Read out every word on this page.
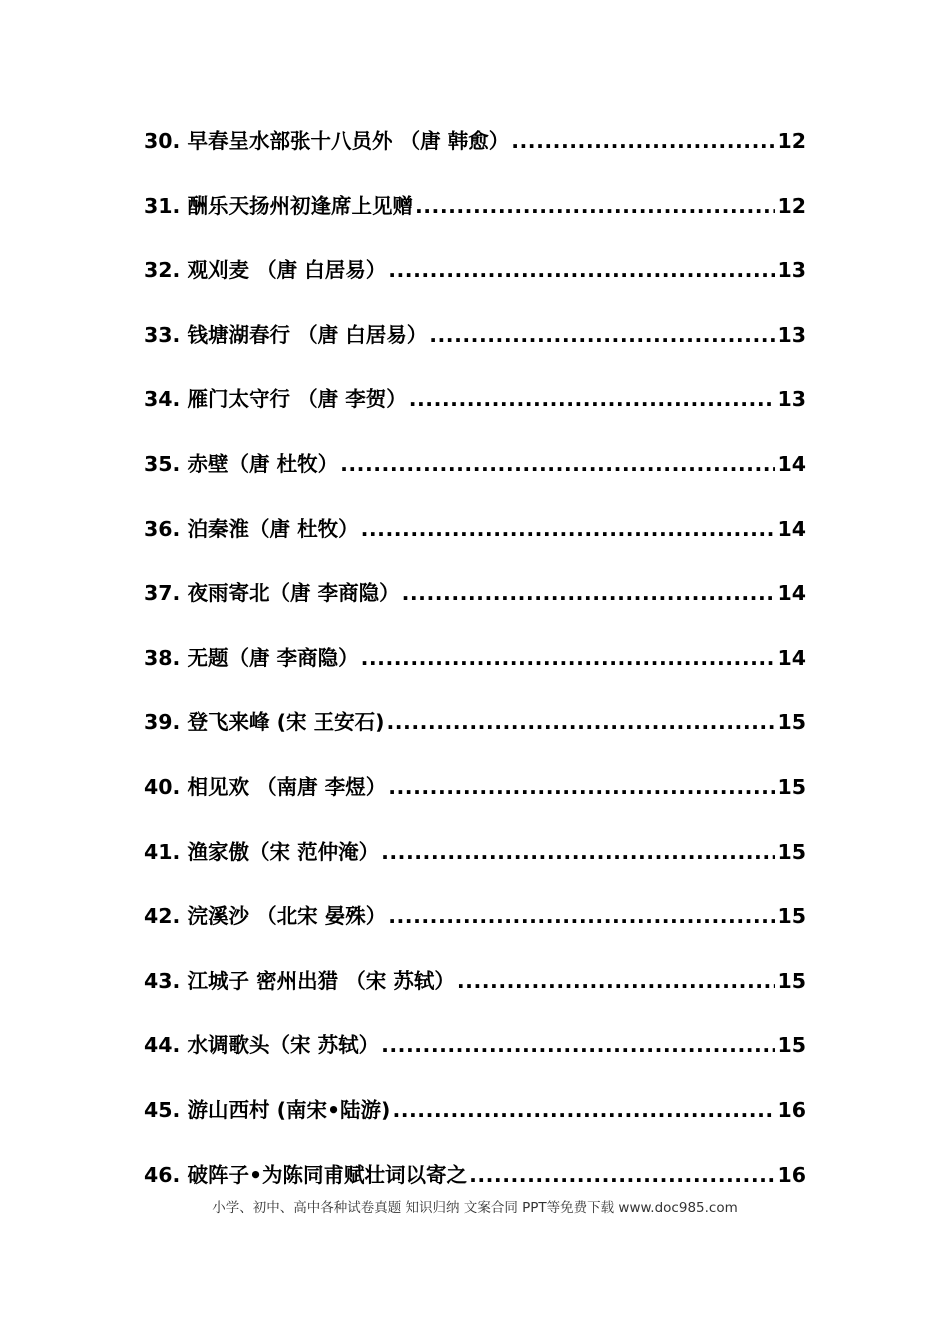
30. 早春呈水部张十八员外 （唐 韩愈） .....	12
31. 酬乐天扬州初逢席上见赠 .....	12
32. 观刈麦 （唐 白居易） .....	13
33. 钱塘湖春行 （唐 白居易） .....	13
34. 雁门太守行 （唐 李贺） .....	13
35. 赤壁（唐 杜牧） .....	14
36. 泊秦淮（唐 杜牧） .....	14
37. 夜雨寄北（唐 李商隐） .....	14
38. 无题（唐 李商隐） .....	14
39. 登飞来峰 (宋 王安石) .....	15
40. 相见欢 （南唐 李煜） .....	15
41. 渔家傲（宋 范仲淹） .....	15
42. 浣溪沙 （北宋 晏殊） .....	15
43. 江城子 密州出猎 （宋 苏轼） .....	15
44. 水调歌头（宋 苏轼） .....	15
45. 游山西村 (南宋•陆游) .....	16
46. 破阵子•为陈同甫赋壮词以寄之 .....	16
小学、初中、高中各种试卷真题 知识归纳 文案合同 PPT等免费下载 www.doc985.com
